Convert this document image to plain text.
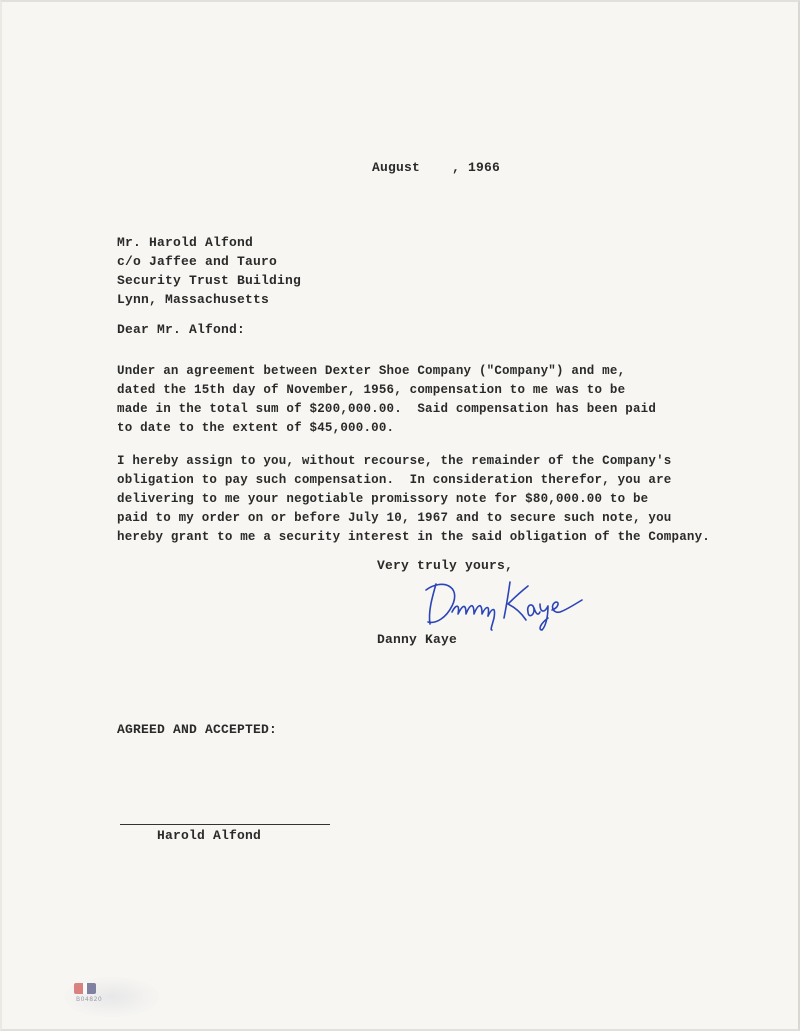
August    , 1966
Mr. Harold Alfond
c/o Jaffee and Tauro
Security Trust Building
Lynn, Massachusetts
Dear Mr. Alfond:
Under an agreement between Dexter Shoe Company ("Company") and me,
dated the 15th day of November, 1956, compensation to me was to be
made in the total sum of $200,000.00.  Said compensation has been paid
to date to the extent of $45,000.00.
I hereby assign to you, without recourse, the remainder of the Company's
obligation to pay such compensation.  In consideration therefor, you are
delivering to me your negotiable promissory note for $80,000.00 to be
paid to my order on or before July 10, 1967 and to secure such note, you
hereby grant to me a security interest in the said obligation of the Company.
Very truly yours,
Danny Kaye
AGREED AND ACCEPTED:
Harold Alfond
B04820
